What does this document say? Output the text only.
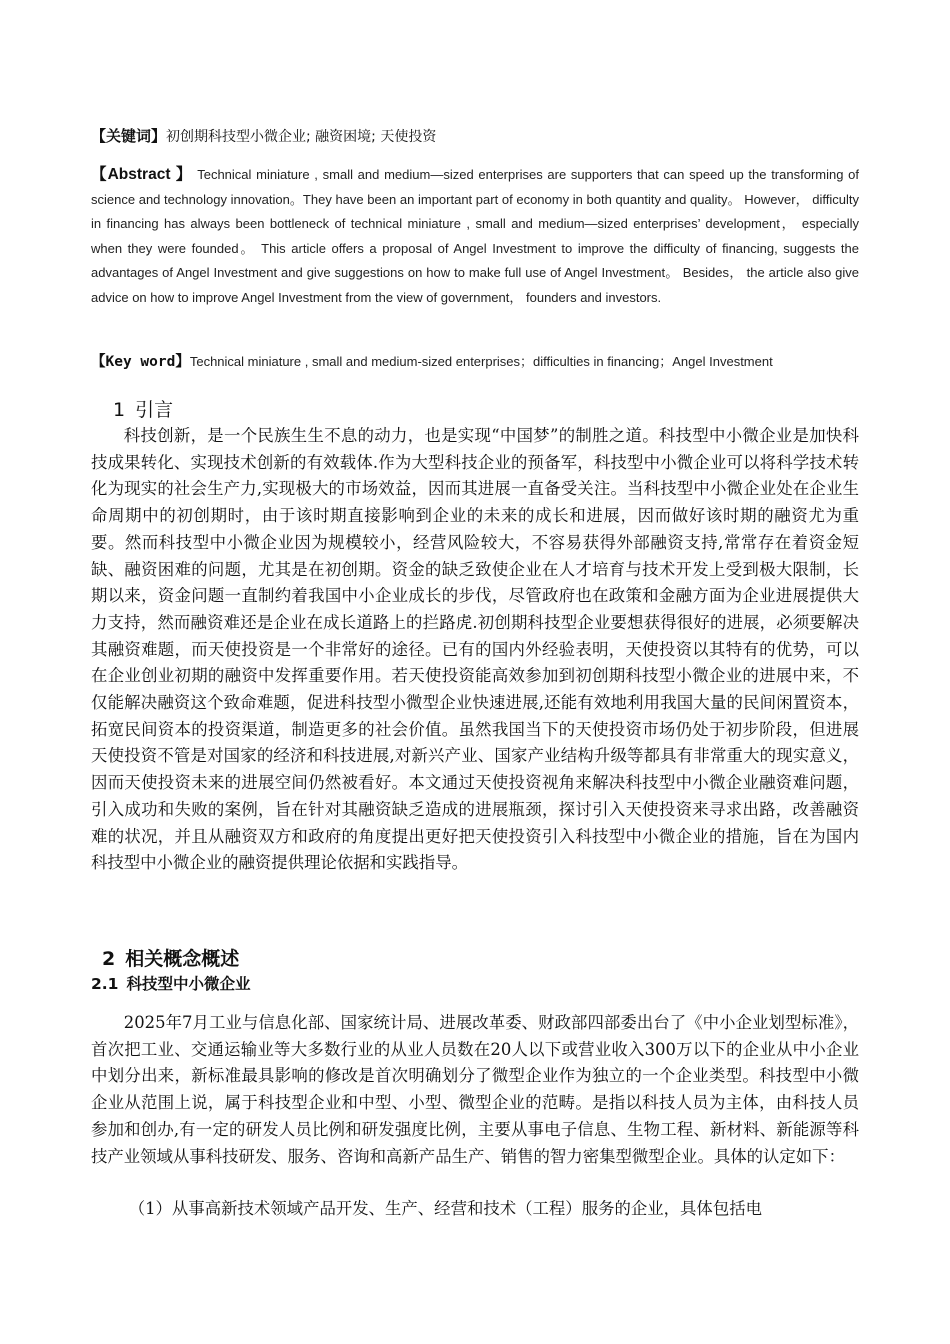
【关键词】初创期科技型小微企业; 融资困境; 天使投资
【Abstract 】 Technical miniature , small and medium—sized enterprises are supporters that can speed up the transforming of science and technology innovation。They have been an important part of economy in both quantity and quality。 However， difficulty in financing has always been bottleneck of technical miniature , small and medium—sized enterprises’ development， especially when they were founded。 This article offers a proposal of Angel Investment to improve the difficulty of financing, suggests the advantages of Angel Investment and give suggestions on how to make full use of Angel Investment。 Besides， the article also give advice on how to improve Angel Investment from the view of government， founders and investors.
【Key word】Technical miniature , small and medium-sized enterprises；difficulties in financing；Angel Investment
1 引言
科技创新，是一个民族生生不息的动力，也是实现“中国梦”的制胜之道。科技型中小微企业是加快科技成果转化、实现技术创新的有效载体.作为大型科技企业的预备军，科技型中小微企业可以将科学技术转化为现实的社会生产力,实现极大的市场效益，因而其进展一直备受关注。当科技型中小微企业处在企业生命周期中的初创期时，由于该时期直接影响到企业的未来的成长和进展，因而做好该时期的融资尤为重要。然而科技型中小微企业因为规模较小，经营风险较大，不容易获得外部融资支持,常常存在着资金短缺、融资困难的问题，尤其是在初创期。资金的缺乏致使企业在人才培育与技术开发上受到极大限制，长期以来，资金问题一直制约着我国中小企业成长的步伐，尽管政府也在政策和金融方面为企业进展提供大力支持，然而融资难还是企业在成长道路上的拦路虎.初创期科技型企业要想获得很好的进展，必须要解决其融资难题，而天使投资是一个非常好的途径。已有的国内外经验表明，天使投资以其特有的优势，可以在企业创业初期的融资中发挥重要作用。若天使投资能高效参加到初创期科技型小微企业的进展中来，不仅能解决融资这个致命难题，促进科技型小微型企业快速进展,还能有效地利用我国大量的民间闲置资本，拓宽民间资本的投资渠道，制造更多的社会价值。虽然我国当下的天使投资市场仍处于初步阶段，但进展天使投资不管是对国家的经济和科技进展,对新兴产业、国家产业结构升级等都具有非常重大的现实意义，因而天使投资未来的进展空间仍然被看好。本文通过天使投资视角来解决科技型中小微企业融资难问题，引入成功和失败的案例，旨在针对其融资缺乏造成的进展瓶颈，探讨引入天使投资来寻求出路，改善融资难的状况，并且从融资双方和政府的角度提出更好把天使投资引入科技型中小微企业的措施，旨在为国内科技型中小微企业的融资提供理论依据和实践指导。
2 相关概念概述
2.1 科技型中小微企业
2025年7月工业与信息化部、国家统计局、进展改革委、财政部四部委出台了《中小企业划型标准》，首次把工业、交通运输业等大多数行业的从业人员数在20人以下或营业收入300万以下的企业从中小企业中划分出来，新标准最具影响的修改是首次明确划分了微型企业作为独立的一个企业类型。科技型中小微企业从范围上说，属于科技型企业和中型、小型、微型企业的范畴。是指以科技人员为主体，由科技人员参加和创办,有一定的研发人员比例和研发强度比例，主要从事电子信息、生物工程、新材料、新能源等科技产业领域从事科技研发、服务、咨询和高新产品生产、销售的智力密集型微型企业。具体的认定如下：
（1）从事高新技术领域产品开发、生产、经营和技术（工程）服务的企业，具体包括电
